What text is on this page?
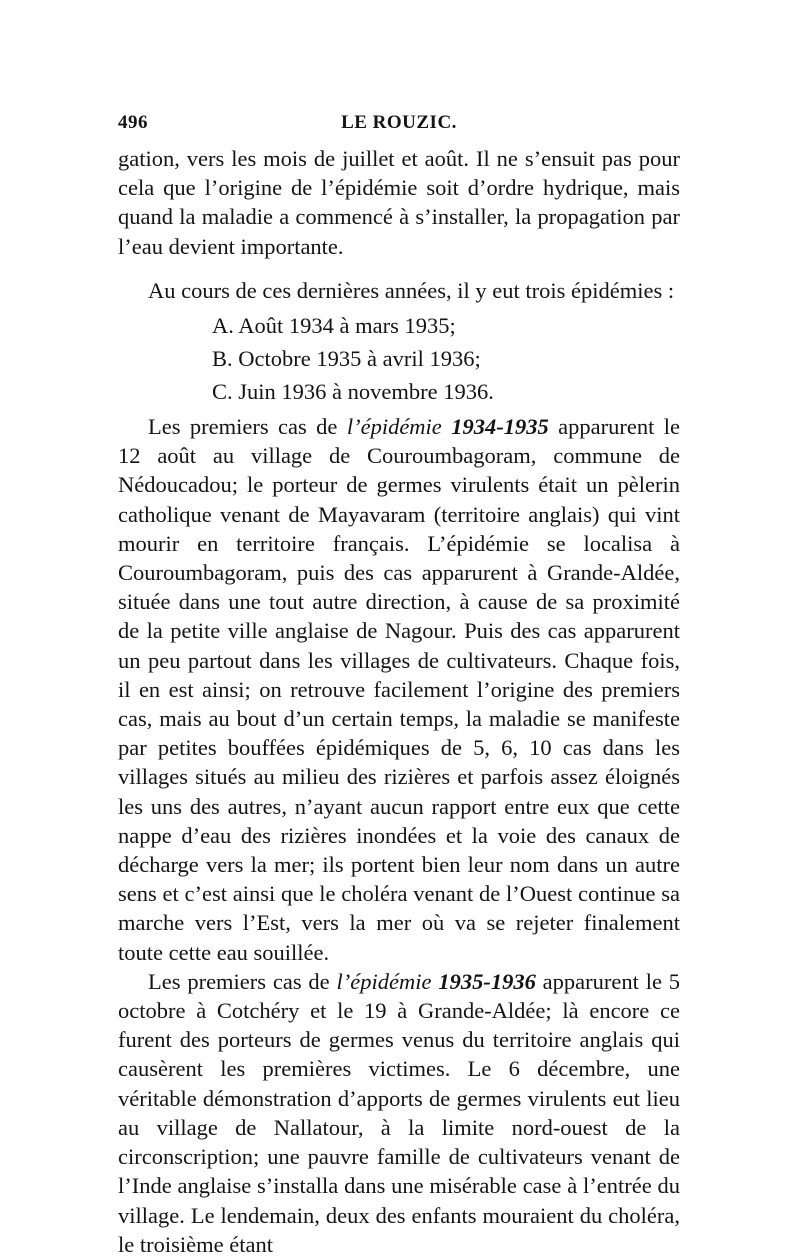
496	LE ROUZIC.

gation, vers les mois de juillet et août. Il ne s’ensuit pas pour cela que l’origine de l’épidémie soit d’ordre hydrique, mais quand la maladie a commencé à s’installer, la propagation par l’eau devient importante.

Au cours de ces dernières années, il y eut trois épidémies :

A. Août 1934 à mars 1935;
B. Octobre 1935 à avril 1936;
C. Juin 1936 à novembre 1936.

Les premiers cas de l’épidémie 1934-1935 apparurent le 12 août au village de Couroumbagoram, commune de Nédoucadou; le porteur de germes virulents était un pèlerin catholique venant de Mayavaram (territoire anglais) qui vint mourir en territoire français. L’épidémie se localisa à Couroumbagoram, puis des cas apparurent à Grande-Aldée, située dans une tout autre direction, à cause de sa proximité de la petite ville anglaise de Nagour. Puis des cas apparurent un peu partout dans les villages de cultivateurs. Chaque fois, il en est ainsi; on retrouve facilement l’origine des premiers cas, mais au bout d’un certain temps, la maladie se manifeste par petites bouffées épidémiques de 5, 6, 10 cas dans les villages situés au milieu des rizières et parfois assez éloignés les uns des autres, n’ayant aucun rapport entre eux que cette nappe d’eau des rizières inondées et la voie des canaux de décharge vers la mer; ils portent bien leur nom dans un autre sens et c’est ainsi que le choléra venant de l’Ouest continue sa marche vers l’Est, vers la mer où va se rejeter finalement toute cette eau souillée.

Les premiers cas de l’épidémie 1935-1936 apparurent le 5 octobre à Cotchéry et le 19 à Grande-Aldée; là encore ce furent des porteurs de germes venus du territoire anglais qui causèrent les premières victimes. Le 6 décembre, une véritable démonstration d’apports de germes virulents eut lieu au village de Nallatour, à la limite nord-ouest de la circonscription; une pauvre famille de cultivateurs venant de l’Inde anglaise s’installa dans une misérable case à l’entrée du village. Le lendemain, deux des enfants mouraient du choléra, le troisième étant
